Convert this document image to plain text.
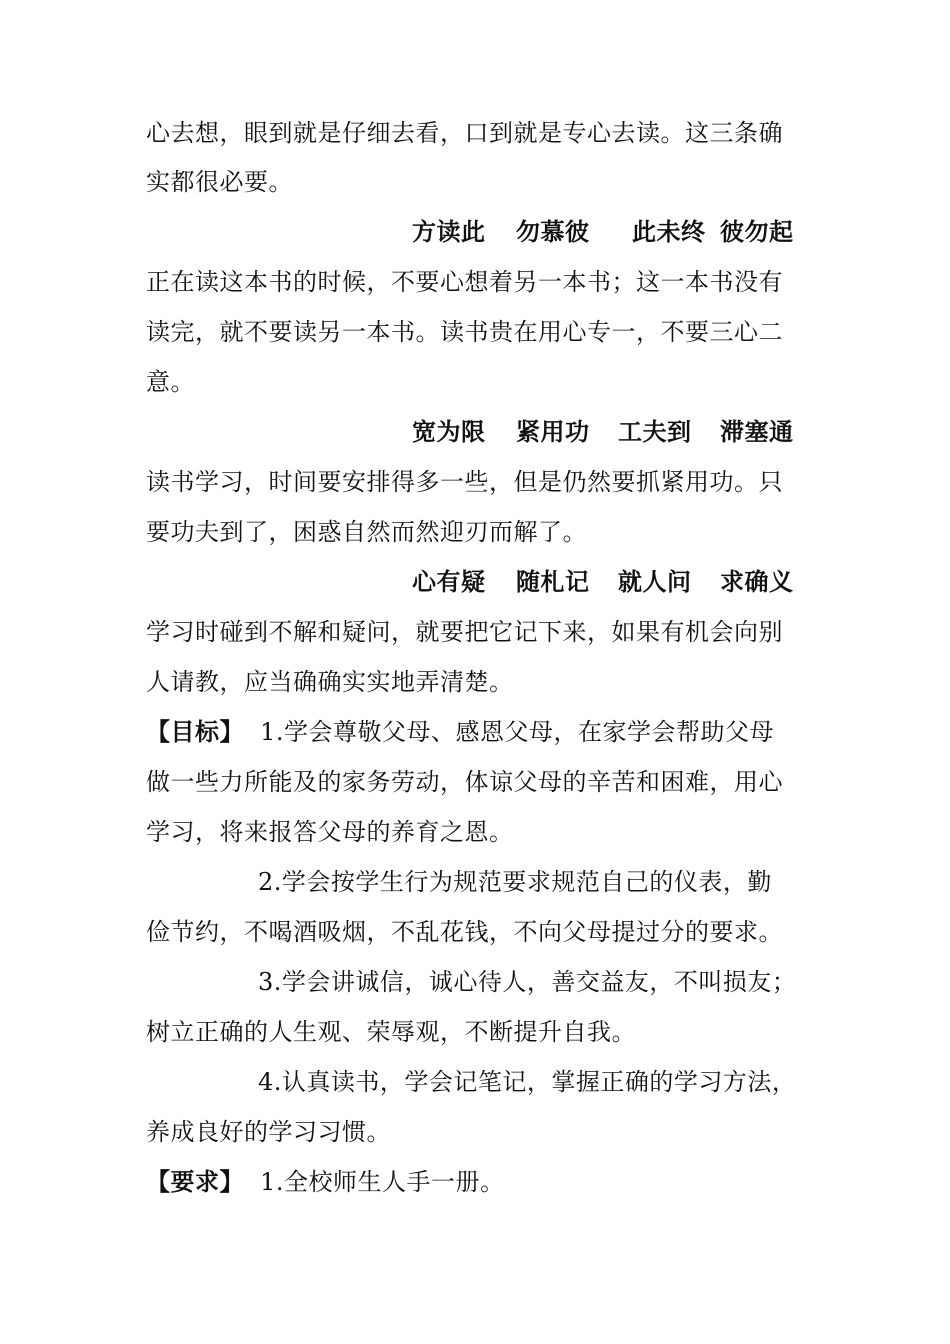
心去想，眼到就是仔细去看，口到就是专心去读。这三条确
实都很必要。
方读此 勿慕彼 此未终 彼勿起
正在读这本书的时候，不要心想着另一本书；这一本书没有
读完，就不要读另一本书。读书贵在用心专一，不要三心二
意。
宽为限 紧用功 工夫到 滞塞通
读书学习，时间要安排得多一些，但是仍然要抓紧用功。只
要功夫到了，困惑自然而然迎刃而解了。
心有疑 随札记 就人问 求确义
学习时碰到不解和疑问，就要把它记下来，如果有机会向别
人请教，应当确确实实地弄清楚。
【目标】 1.学会尊敬父母、感恩父母，在家学会帮助父母
做一些力所能及的家务劳动，体谅父母的辛苦和困难，用心
学习，将来报答父母的养育之恩。
2.学会按学生行为规范要求规范自己的仪表，勤
俭节约，不喝酒吸烟，不乱花钱，不向父母提过分的要求。
3.学会讲诚信，诚心待人，善交益友，不叫损友；
树立正确的人生观、荣辱观，不断提升自我。
4.认真读书，学会记笔记，掌握正确的学习方法，
养成良好的学习习惯。
【要求】 1.全校师生人手一册。
